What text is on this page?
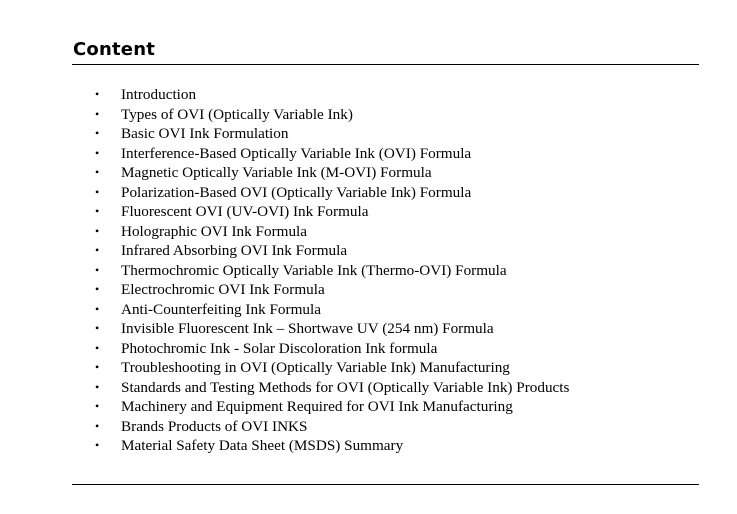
Content
•	Introduction
•	Types of OVI (Optically Variable Ink)
•	Basic OVI Ink Formulation
•	Interference-Based Optically Variable Ink (OVI) Formula
•	Magnetic Optically Variable Ink (M-OVI) Formula
•	Polarization-Based OVI (Optically Variable Ink) Formula
•	Fluorescent OVI (UV-OVI) Ink Formula
•	Holographic OVI Ink Formula
•	Infrared Absorbing OVI Ink Formula
•	Thermochromic Optically Variable Ink (Thermo-OVI) Formula
•	Electrochromic OVI Ink Formula
•	Anti-Counterfeiting Ink Formula
•	Invisible Fluorescent Ink – Shortwave UV (254 nm) Formula
•	Photochromic Ink - Solar Discoloration Ink formula
•	Troubleshooting in OVI (Optically Variable Ink) Manufacturing
•	Standards and Testing Methods for OVI (Optically Variable Ink) Products
•	Machinery and Equipment Required for OVI Ink Manufacturing
•	Brands Products of OVI INKS
•	Material Safety Data Sheet (MSDS) Summary
